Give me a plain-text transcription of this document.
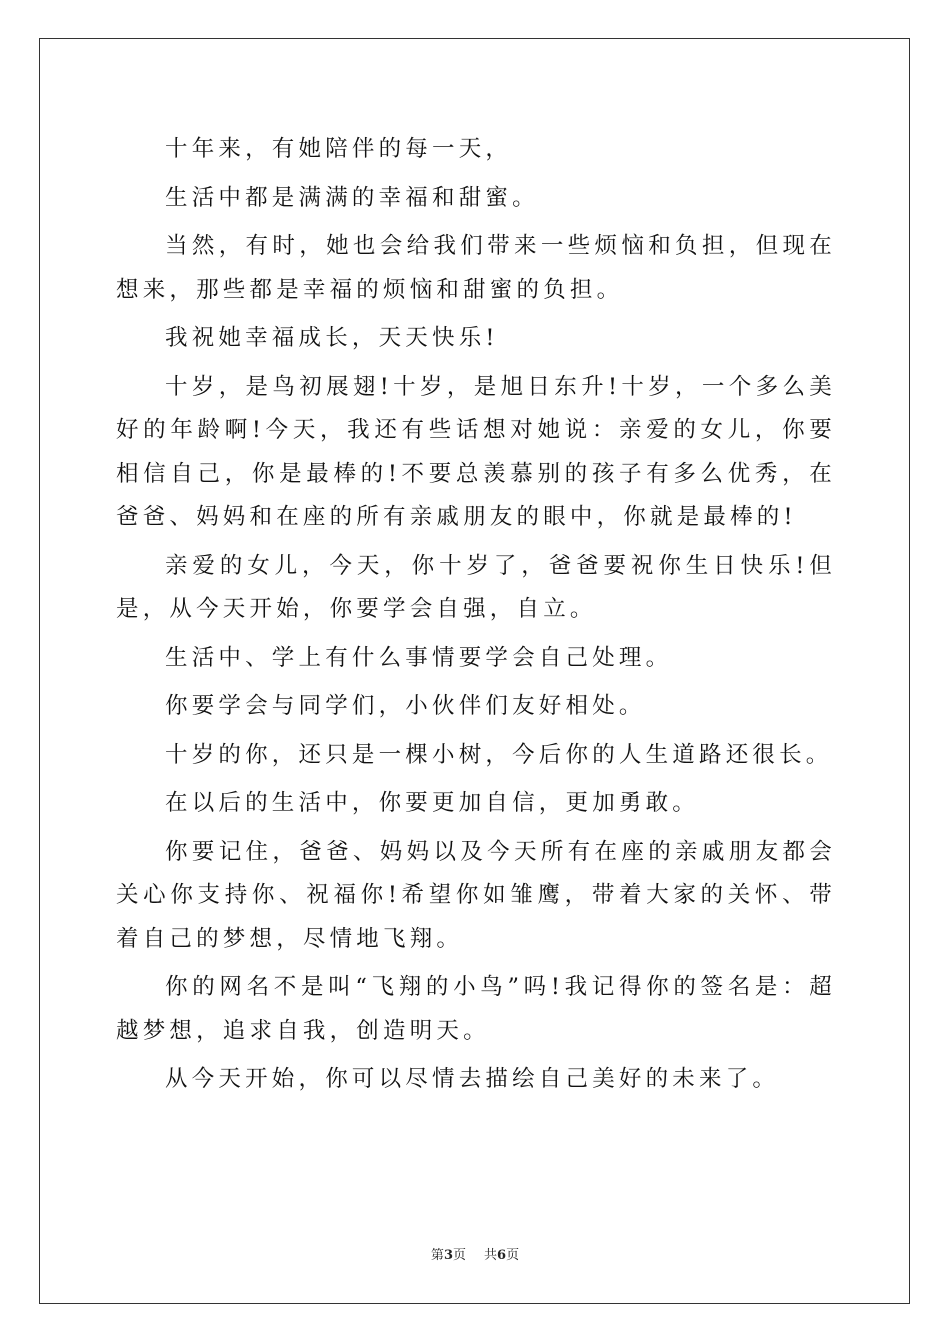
十年来，有她陪伴的每一天，

生活中都是满满的幸福和甜蜜。

当然，有时，她也会给我们带来一些烦恼和负担，但现在想来，那些都是幸福的烦恼和甜蜜的负担。

我祝她幸福成长，天天快乐!

十岁，是鸟初展翅!十岁，是旭日东升!十岁，一个多么美好的年龄啊!今天，我还有些话想对她说：亲爱的女儿，你要相信自己，你是最棒的!不要总羡慕别的孩子有多么优秀，在爸爸、妈妈和在座的所有亲戚朋友的眼中，你就是最棒的!

亲爱的女儿，今天，你十岁了，爸爸要祝你生日快乐!但是，从今天开始，你要学会自强，自立。

生活中、学上有什么事情要学会自己处理。

你要学会与同学们，小伙伴们友好相处。

十岁的你，还只是一棵小树，今后你的人生道路还很长。

在以后的生活中，你要更加自信，更加勇敢。

你要记住，爸爸、妈妈以及今天所有在座的亲戚朋友都会关心你支持你、祝福你!希望你如雏鹰，带着大家的关怀、带着自己的梦想，尽情地飞翔。

你的网名不是叫“飞翔的小鸟”吗!我记得你的签名是：超越梦想，追求自我，创造明天。

从今天开始，你可以尽情去描绘自己美好的未来了。

第3页 共6页
